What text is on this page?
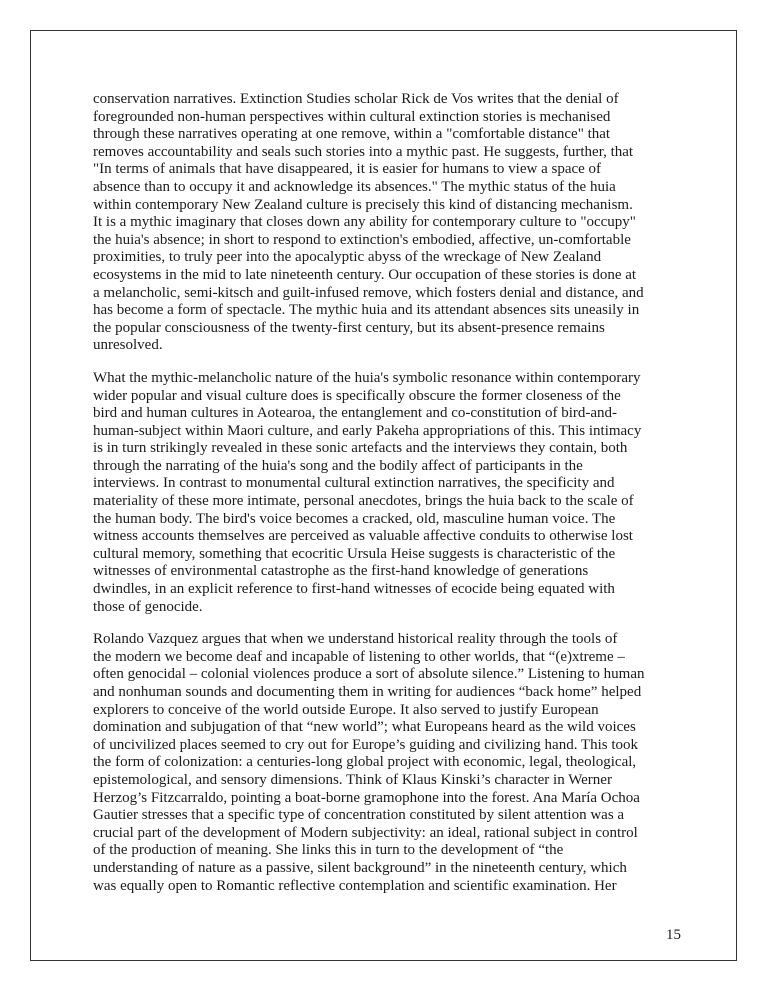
conservation narratives. Extinction Studies scholar Rick de Vos writes that the denial of
foregrounded non-human perspectives within cultural extinction stories is mechanised
through these narratives operating at one remove, within a "comfortable distance" that
removes accountability and seals such stories into a mythic past. He suggests, further, that
"In terms of animals that have disappeared, it is easier for humans to view a space of
absence than to occupy it and acknowledge its absences." The mythic status of the huia
within contemporary New Zealand culture is precisely this kind of distancing mechanism.
It is a mythic imaginary that closes down any ability for contemporary culture to "occupy"
the huia's absence; in short to respond to extinction's embodied, affective, un-comfortable
proximities, to truly peer into the apocalyptic abyss of the wreckage of New Zealand
ecosystems in the mid to late nineteenth century. Our occupation of these stories is done at
a melancholic, semi-kitsch and guilt-infused remove, which fosters denial and distance, and
has become a form of spectacle. The mythic huia and its attendant absences sits uneasily in
the popular consciousness of the twenty-first century, but its absent-presence remains
unresolved.
What the mythic-melancholic nature of the huia's symbolic resonance within contemporary
wider popular and visual culture does is specifically obscure the former closeness of the
bird and human cultures in Aotearoa, the entanglement and co-constitution of bird-and-
human-subject within Maori culture, and early Pakeha appropriations of this. This intimacy
is in turn strikingly revealed in these sonic artefacts and the interviews they contain, both
through the narrating of the huia's song and the bodily affect of participants in the
interviews. In contrast to monumental cultural extinction narratives, the specificity and
materiality of these more intimate, personal anecdotes, brings the huia back to the scale of
the human body. The bird's voice becomes a cracked, old, masculine human voice. The
witness accounts themselves are perceived as valuable affective conduits to otherwise lost
cultural memory, something that ecocritic Ursula Heise suggests is characteristic of the
witnesses of environmental catastrophe as the first-hand knowledge of generations
dwindles, in an explicit reference to first-hand witnesses of ecocide being equated with
those of genocide.
Rolando Vazquez argues that when we understand historical reality through the tools of
the modern we become deaf and incapable of listening to other worlds, that “(e)xtreme –
often genocidal – colonial violences produce a sort of absolute silence.” Listening to human
and nonhuman sounds and documenting them in writing for audiences “back home” helped
explorers to conceive of the world outside Europe. It also served to justify European
domination and subjugation of that “new world”; what Europeans heard as the wild voices
of uncivilized places seemed to cry out for Europe’s guiding and civilizing hand. This took
the form of colonization: a centuries-long global project with economic, legal, theological,
epistemological, and sensory dimensions. Think of Klaus Kinski’s character in Werner
Herzog’s Fitzcarraldo, pointing a boat-borne gramophone into the forest. Ana María Ochoa
Gautier stresses that a specific type of concentration constituted by silent attention was a
crucial part of the development of Modern subjectivity: an ideal, rational subject in control
of the production of meaning. She links this in turn to the development of “the
understanding of nature as a passive, silent background” in the nineteenth century, which
was equally open to Romantic reflective contemplation and scientific examination. Her
15
